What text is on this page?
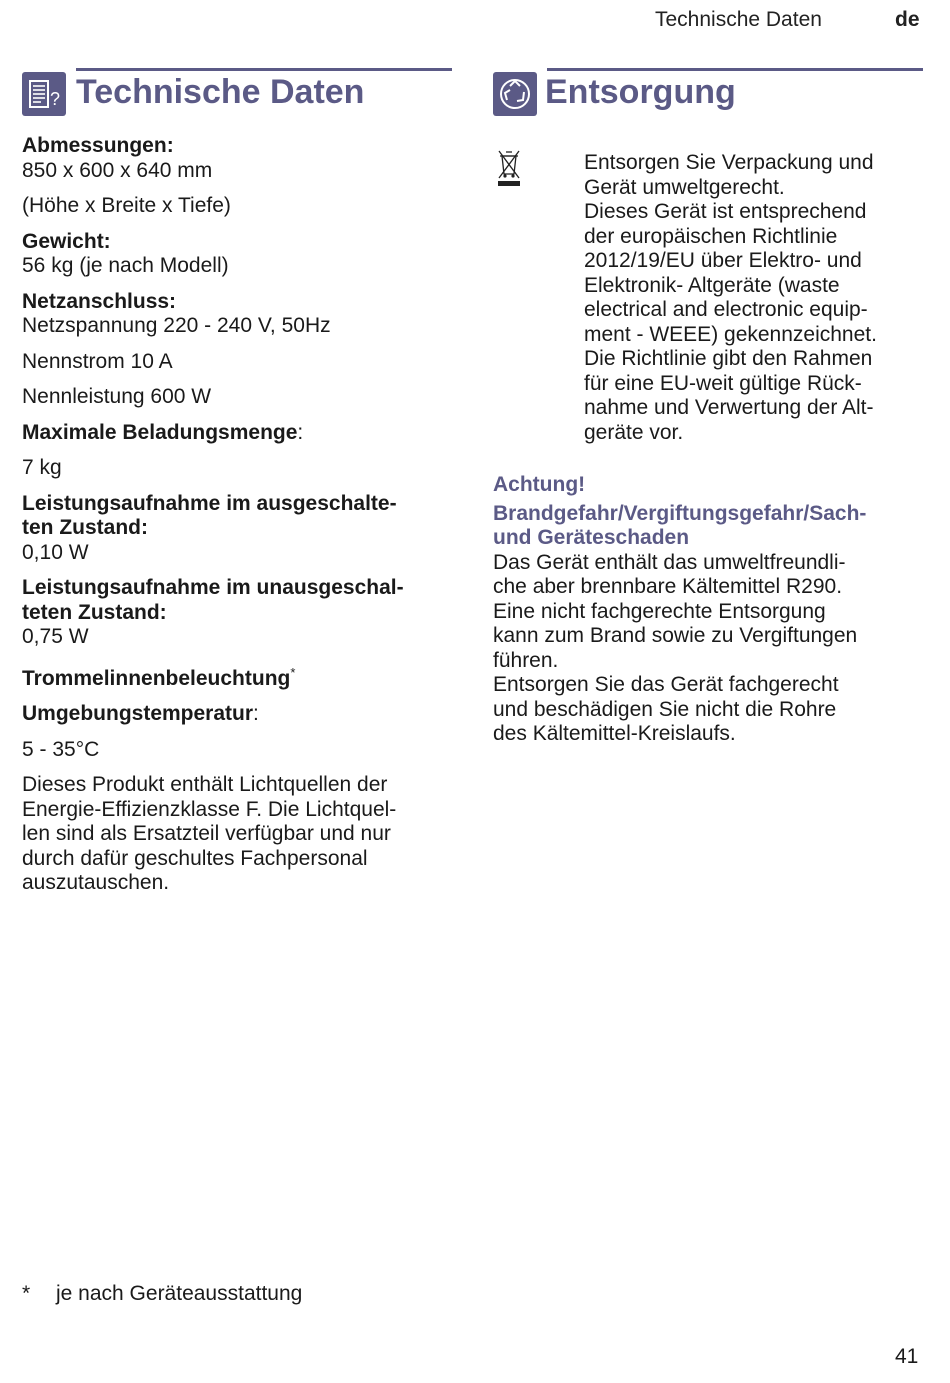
Technische Daten	de
? Technische Daten	Entsorgung

Abmessungen:

850 x 600 x 640 mm

(Höhe x Breite x Tiefe)

Gewicht:

56 kg (je nach Modell)

Netzanschluss:

Netzspannung 220 - 240 V, 50Hz

Nennstrom 10 A

Nennleistung 600 W

Maximale Beladungsmenge:

7 kg

Leistungsaufnahme im ausgeschalte-

ten Zustand:

0,10 W

Leistungsaufnahme im unausgeschal-

teten Zustand:

0,75 W

Trommelinnenbeleuchtung*

Umgebungstemperatur:

5 - 35°C

Dieses Produkt enthält Lichtquellen der

Energie-Effizienzklasse F. Die Lichtquel-

len sind als Ersatzteil verfügbar und nur

durch dafür geschultes Fachpersonal

auszutauschen.

Entsorgen Sie Verpackung und

Gerät umweltgerecht.

Dieses Gerät ist entsprechend

der europäischen Richtlinie

2012/19/EU über Elektro- und

Elektronik- Altgeräte (waste

electrical and electronic equip-

ment - WEEE) gekennzeichnet.

Die Richtlinie gibt den Rahmen

für eine EU-weit gültige Rück-

nahme und Verwertung der Alt-

geräte vor.

Achtung!

Brandgefahr/Vergiftungsgefahr/Sach-

und Geräteschaden

Das Gerät enthält das umweltfreundli-

che aber brennbare Kältemittel R290.

Eine nicht fachgerechte Entsorgung

kann zum Brand sowie zu Vergiftungen

führen.

Entsorgen Sie das Gerät fachgerecht

und beschädigen Sie nicht die Rohre

des Kältemittel-Kreislaufs.

* je nach Geräteausstattung
41
